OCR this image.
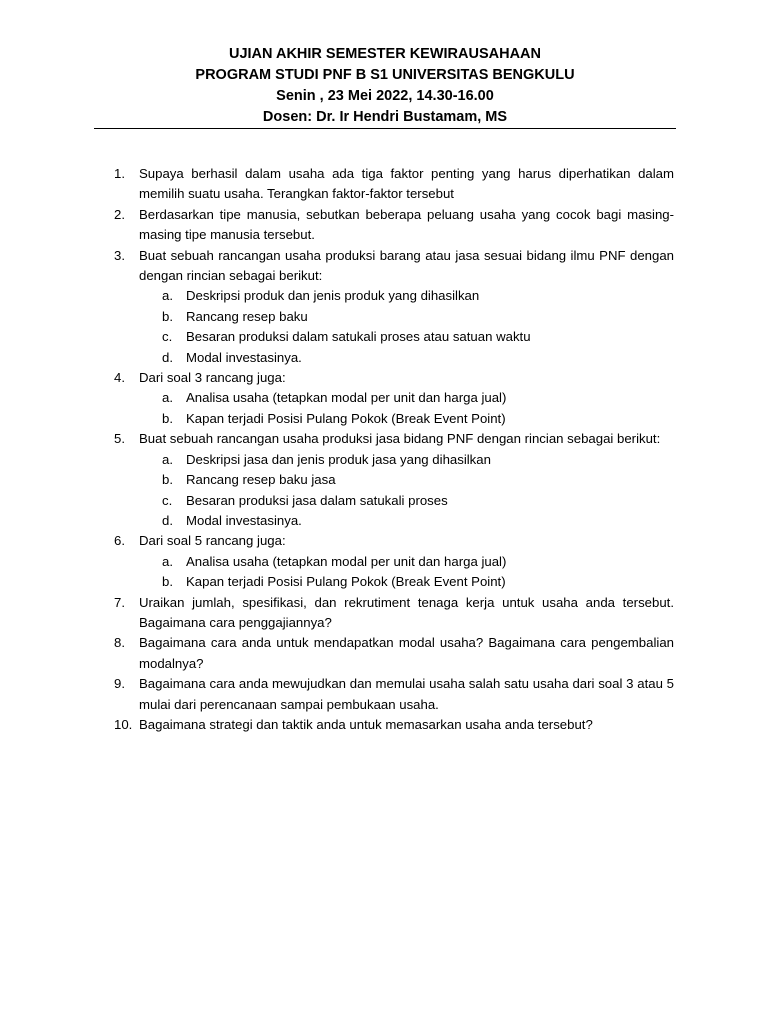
UJIAN AKHIR SEMESTER KEWIRAUSAHAAN
PROGRAM STUDI PNF B S1 UNIVERSITAS BENGKULU
Senin , 23 Mei 2022, 14.30-16.00
Dosen: Dr. Ir Hendri Bustamam, MS
1.	Supaya berhasil dalam usaha ada tiga faktor penting yang harus diperhatikan dalam memilih suatu usaha. Terangkan faktor-faktor tersebut
2.	Berdasarkan tipe manusia, sebutkan beberapa peluang usaha yang cocok bagi masing-masing tipe manusia tersebut.
3.	Buat sebuah rancangan usaha produksi barang atau jasa sesuai bidang ilmu PNF dengan dengan rincian sebagai berikut:
a. Deskripsi produk dan jenis produk yang dihasilkan
b. Rancang resep baku
c.	Besaran produksi dalam satukali proses atau satuan waktu
d. Modal investasinya.
4.	Dari soal 3 rancang juga:
a. Analisa usaha (tetapkan modal per unit dan harga jual)
b. Kapan terjadi Posisi Pulang Pokok (Break Event Point)
5.	Buat sebuah rancangan usaha produksi jasa bidang PNF dengan rincian sebagai berikut:
a. Deskripsi jasa dan jenis produk jasa yang dihasilkan
b. Rancang resep baku jasa
c.	Besaran produksi jasa dalam satukali proses
d. Modal investasinya.
6.	Dari soal 5 rancang juga:
a. Analisa usaha (tetapkan modal per unit dan harga jual)
b. Kapan terjadi Posisi Pulang Pokok (Break Event Point)
7.	Uraikan jumlah, spesifikasi, dan rekrutiment tenaga kerja untuk usaha anda tersebut. Bagaimana cara penggajiannya?
8.	Bagaimana cara anda untuk mendapatkan modal usaha? Bagaimana cara pengembalian modalnya?
9.	Bagaimana cara anda mewujudkan dan memulai usaha salah satu usaha dari soal 3 atau 5 mulai dari perencanaan sampai pembukaan usaha.
10. Bagaimana strategi dan taktik anda untuk memasarkan usaha anda tersebut?
